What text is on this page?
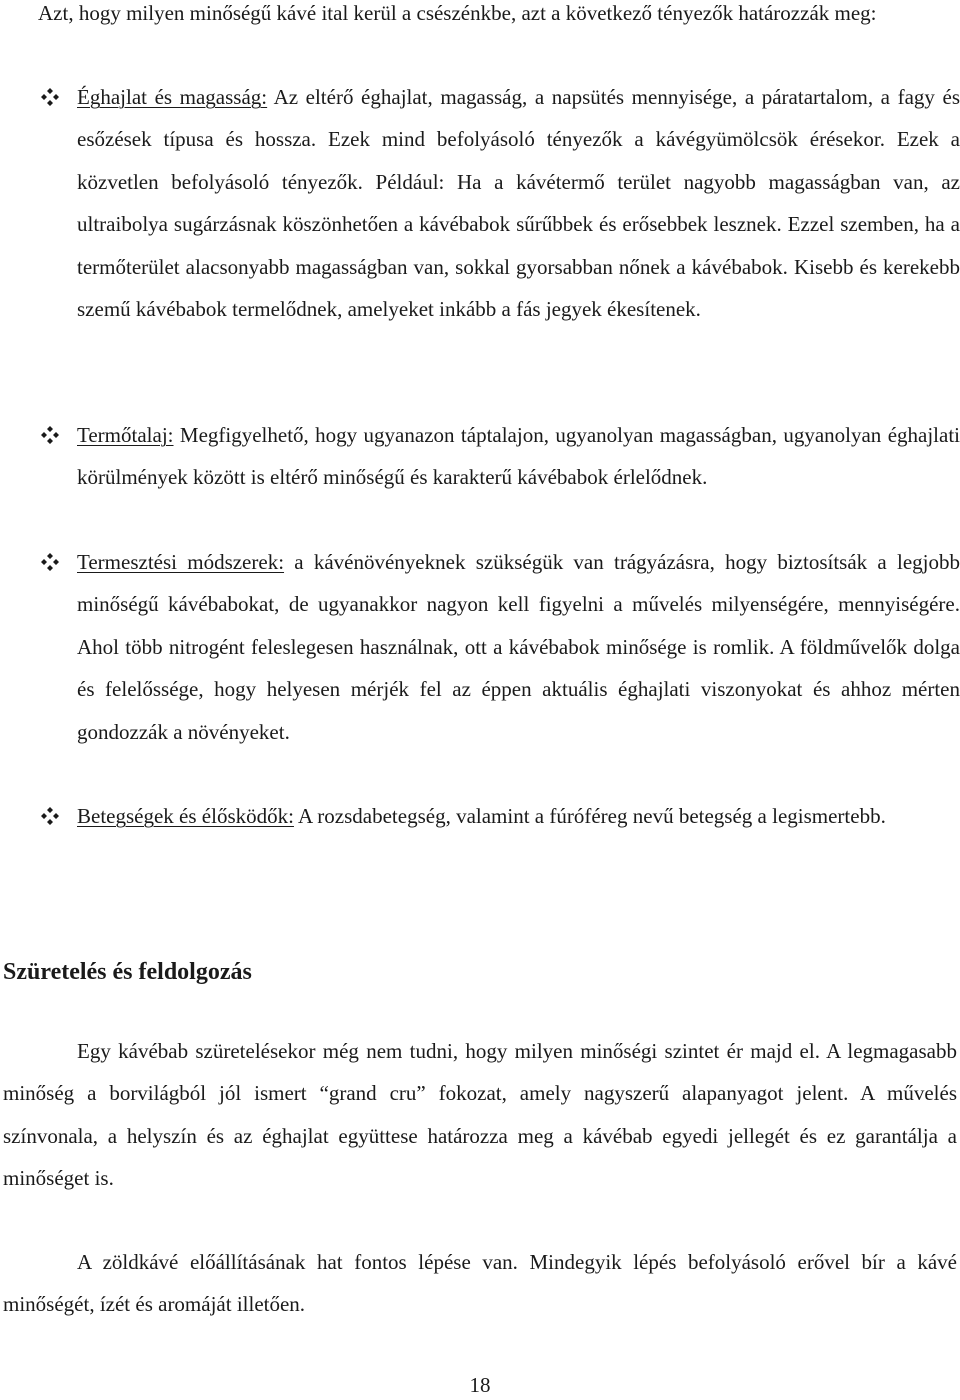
Azt, hogy milyen minőségű kávé ital kerül a csészénkbe, azt a következő tényezők határozzák meg:

Éghajlat és magasság: Az eltérő éghajlat, magasság, a napsütés mennyisége, a páratartalom, a fagy és esőzések típusa és hossza. Ezek mind befolyásoló tényezők a kávégyümölcsök érésekor. Ezek a közvetlen befolyásoló tényezők. Például: Ha a kávétermő terület nagyobb magasságban van, az ultraibolya sugárzásnak köszönhetően a kávébabok sűrűbbek és erősebbek lesznek. Ezzel szemben, ha a termőterület alacsonyabb magasságban van, sokkal gyorsabban nőnek a kávébabok. Kisebb és kerekebb szemű kávébabok termelődnek, amelyeket inkább a fás jegyek ékesítenek.

Termőtalaj: Megfigyelhető, hogy ugyanazon táptalajon, ugyanolyan magasságban, ugyanolyan éghajlati körülmények között is eltérő minőségű és karakterű kávébabok érlelődnek.

Termesztési módszerek: a kávénövényeknek szükségük van trágyázásra, hogy biztosítsák a legjobb minőségű kávébabokat, de ugyanakkor nagyon kell figyelni a művelés milyenségére, mennyiségére. Ahol több nitrogént feleslegesen használnak, ott a kávébabok minősége is romlik. A földművelők dolga és felelőssége, hogy helyesen mérjék fel az éppen aktuális éghajlati viszonyokat és ahhoz mérten gondozzák a növényeket.

Betegségek és élősködők: A rozsdabetegség, valamint a fúróféreg nevű betegség a legismertebb.

Szüretelés és feldolgozás

Egy kávébab szüretelésekor még nem tudni, hogy milyen minőségi szintet ér majd el. A legmagasabb minőség a borvilágból jól ismert “grand cru” fokozat, amely nagyszerű alapanyagot jelent. A művelés színvonala, a helyszín és az éghajlat együttese határozza meg a kávébab egyedi jellegét és ez garantálja a minőséget is.

A zöldkávé előállításának hat fontos lépése van. Mindegyik lépés befolyásoló erővel bír a kávé minőségét, ízét és aromáját illetően.

18
